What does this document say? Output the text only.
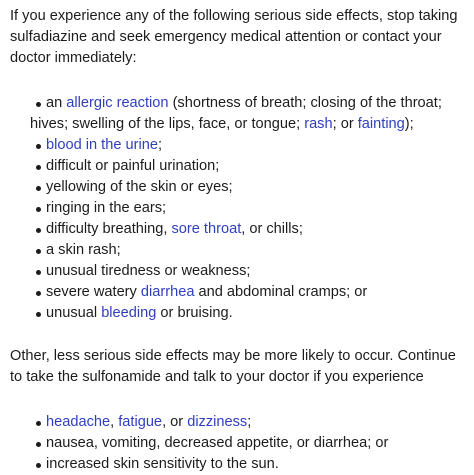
If you experience any of the following serious side effects, stop taking sulfadiazine and seek emergency medical attention or contact your doctor immediately:

an allergic reaction (shortness of breath; closing of the throat; hives; swelling of the lips, face, or tongue; rash; or fainting);
blood in the urine;
difficult or painful urination;
yellowing of the skin or eyes;
ringing in the ears;
difficulty breathing, sore throat, or chills;
a skin rash;
unusual tiredness or weakness;
severe watery diarrhea and abdominal cramps; or
unusual bleeding or bruising.

Other, less serious side effects may be more likely to occur. Continue to take the sulfonamide and talk to your doctor if you experience

headache, fatigue, or dizziness;
nausea, vomiting, decreased appetite, or diarrhea; or
increased skin sensitivity to the sun.
